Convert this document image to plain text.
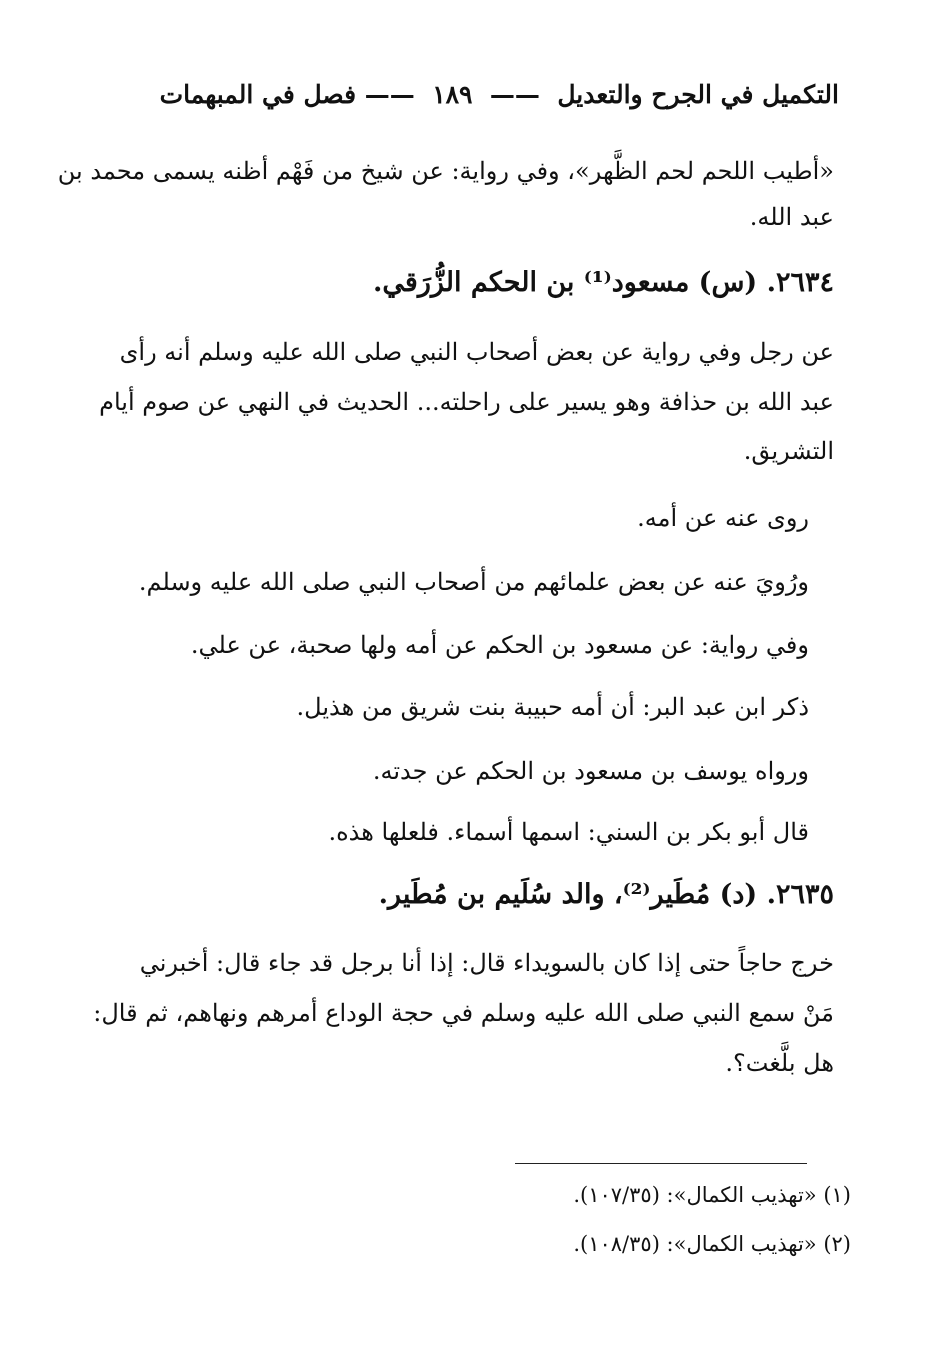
التكميل في الجرح والتعديل  ——  ١٨٩  —— فصل في المبهمات
«أطيب اللحم لحم الظَّهر»، وفي رواية: عن شيخ من فَهْم أظنه يسمى محمد بن
عبد الله.
٢٦٣٤. (س) مسعود⁽¹⁾ بن الحكم الزُّرَقي.
عن رجل وفي رواية عن بعض أصحاب النبي صلى الله عليه وسلم أنه رأى
عبد الله بن حذافة وهو يسير على راحلته... الحديث في النهي عن صوم أيام
التشريق.
روى عنه عن أمه.
ورُويَ عنه عن بعض علمائهم من أصحاب النبي صلى الله عليه وسلم.
وفي رواية: عن مسعود بن الحكم عن أمه ولها صحبة، عن علي.
ذكر ابن عبد البر: أن أمه حبيبة بنت شريق من هذيل.
ورواه يوسف بن مسعود بن الحكم عن جدته.
قال أبو بكر بن السني: اسمها أسماء. فلعلها هذه.
٢٦٣٥. (د) مُطَير⁽²⁾، والد سُلَيم بن مُطَير.
خرج حاجاً حتى إذا كان بالسويداء قال: إذا أنا برجل قد جاء قال: أخبرني
مَنْ سمع النبي صلى الله عليه وسلم في حجة الوداع أمرهم ونهاهم، ثم قال:
هل بلَّغت؟.
(١) «تهذيب الكمال»: (١٠٧/٣٥).
(٢) «تهذيب الكمال»: (١٠٨/٣٥).
